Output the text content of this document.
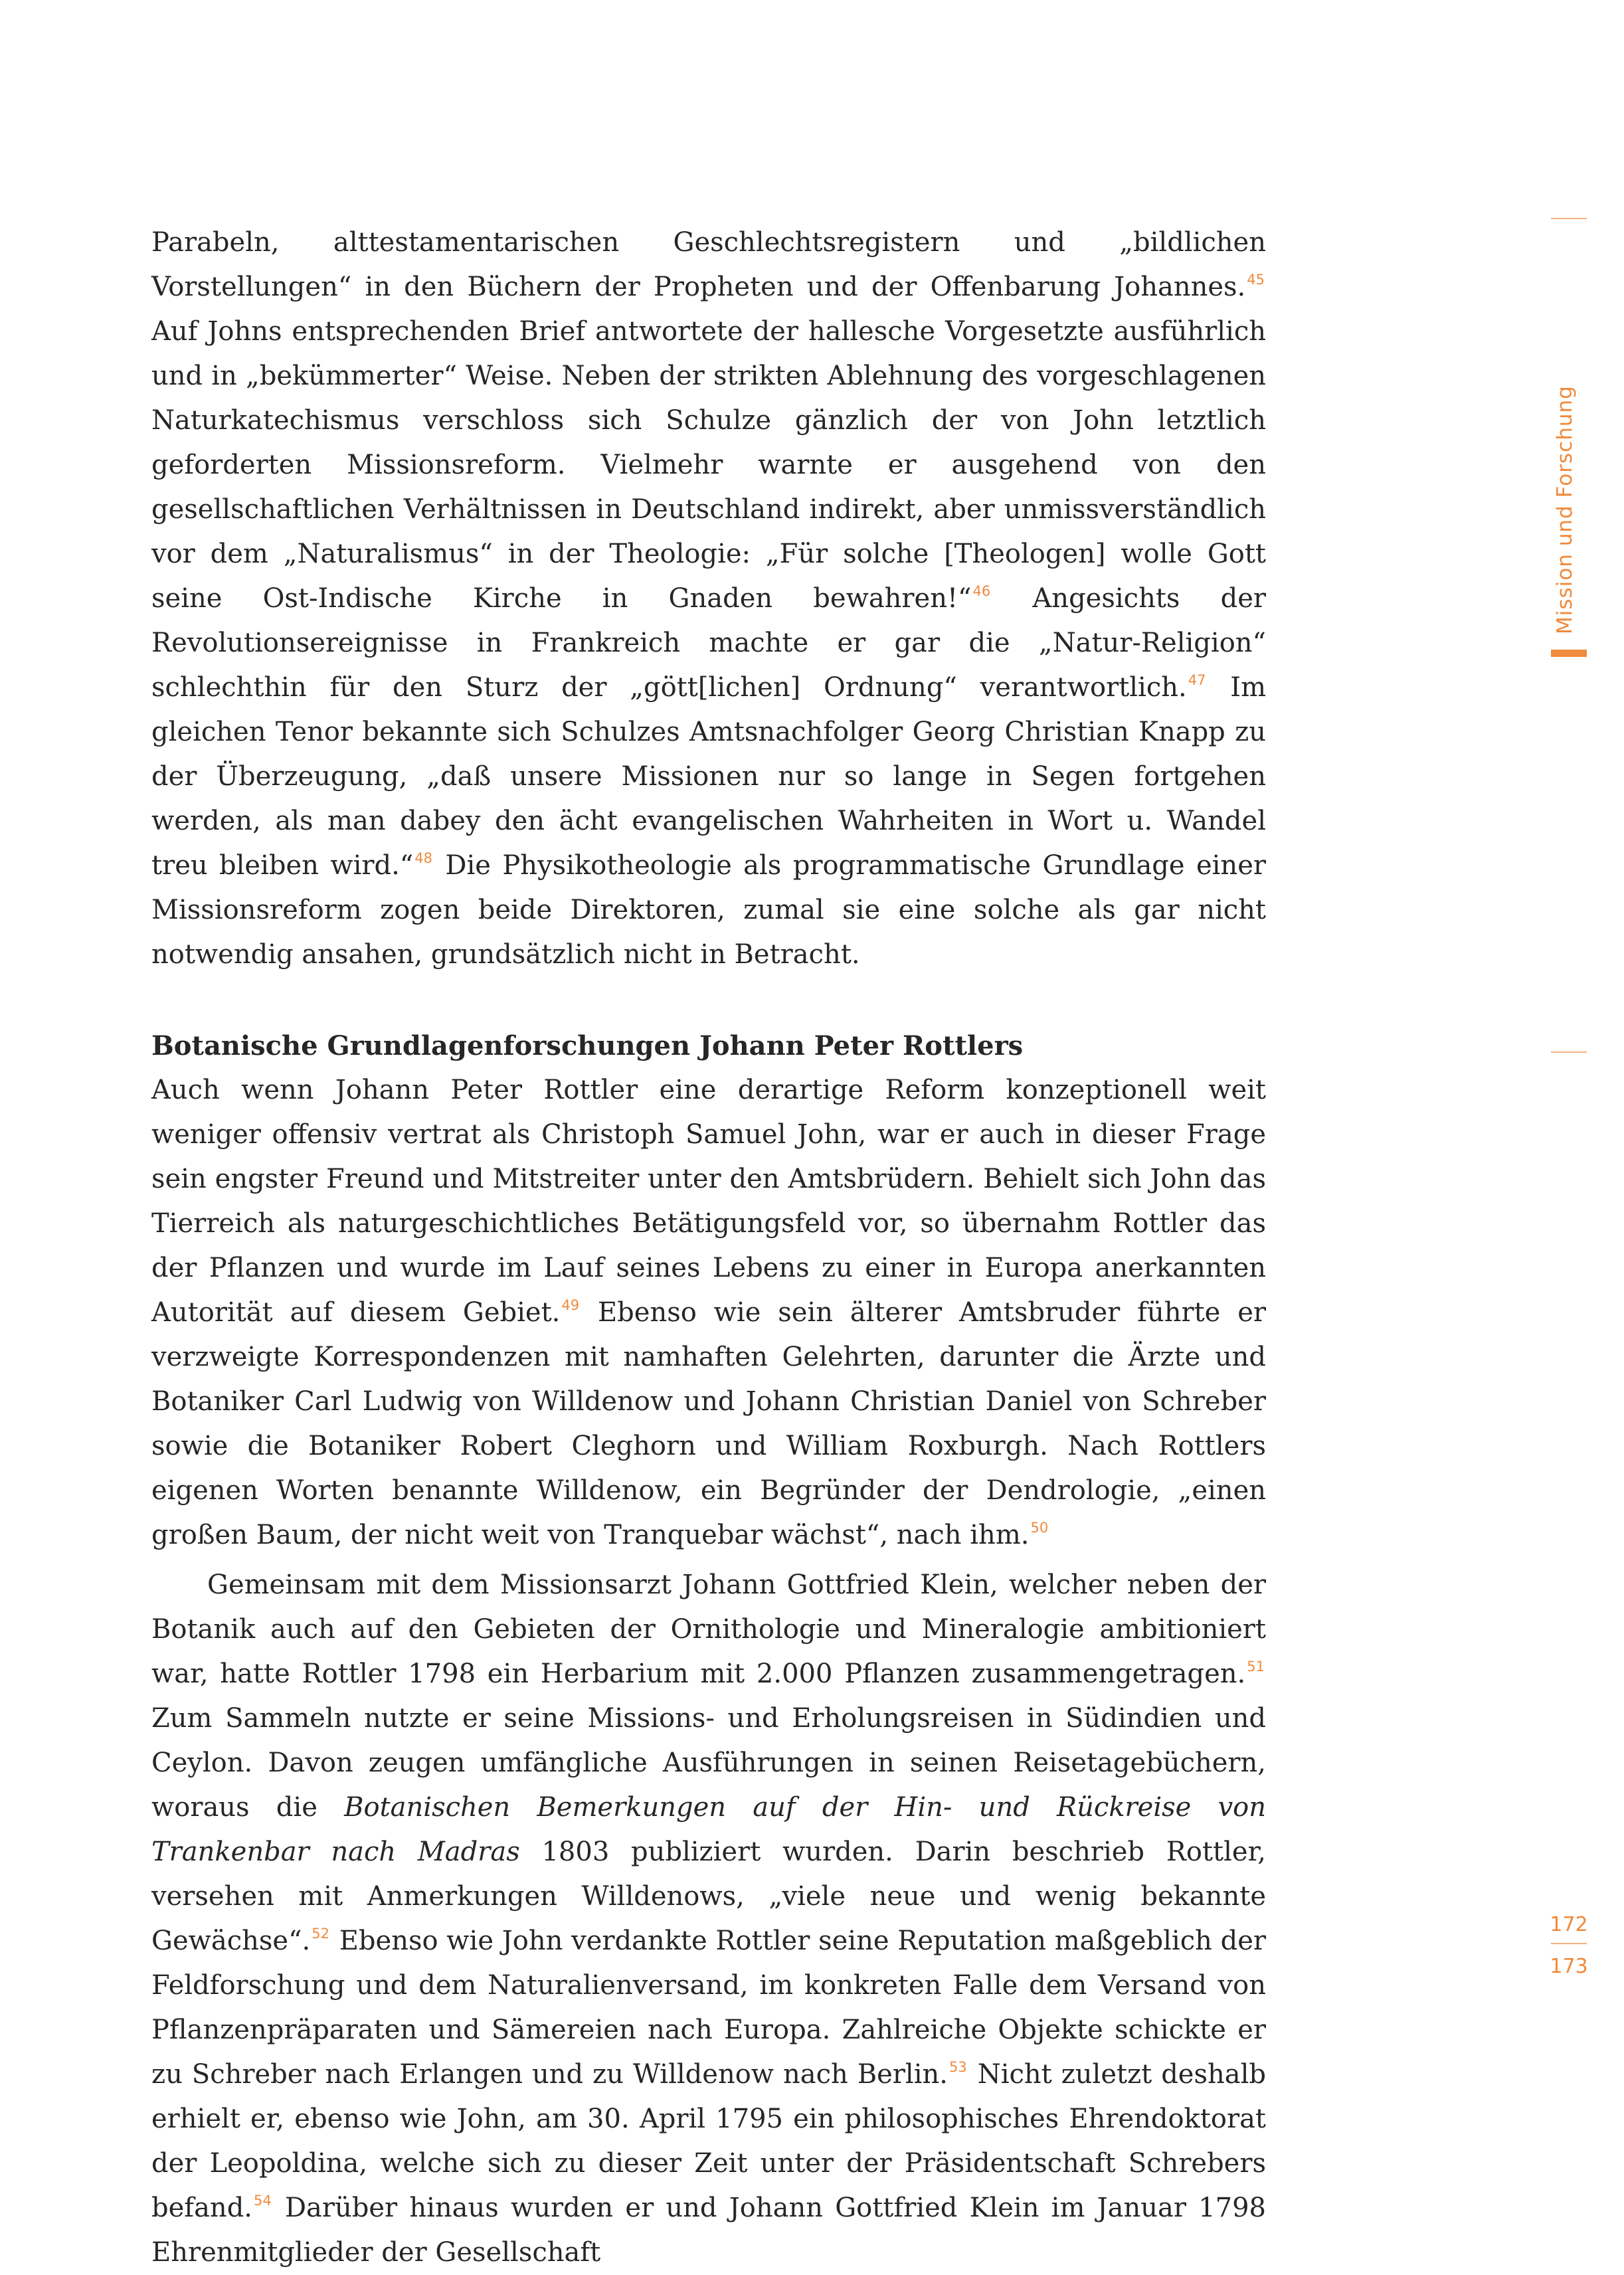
Parabeln, alttestamentarischen Geschlechtsregistern und „bildlichen Vorstellungen“ in den Büchern der Propheten und der Offenbarung Johannes.$^{45}$ Auf Johns entsprechenden Brief antwortete der hallesche Vorgesetzte ausführlich und in „bekümmerter“ Weise. Neben der strikten Ablehnung des vorgeschlagenen Naturkatechismus verschloss sich Schulze gänzlich der von John letztlich geforderten Missionsreform. Vielmehr warnte er ausgehend von den gesellschaftlichen Verhältnissen in Deutschland indirekt, aber unmissverständlich vor dem „Naturalismus“ in der Theologie: „Für solche [Theologen] wolle Gott seine Ost-Indische Kirche in Gnaden bewahren!“$^{46}$ Angesichts der Revolutionsereignisse in Frankreich machte er gar die „Natur-Religion“ schlechthin für den Sturz der „gött[lichen] Ordnung“ verantwortlich.$^{47}$ Im gleichen Tenor bekannte sich Schulzes Amtsnachfolger Georg Christian Knapp zu der Überzeugung, „daß unsere Missionen nur so lange in Segen fortgehen werden, als man dabey den ächt evangelischen Wahrheiten in Wort u. Wandel treu bleiben wird.“$^{48}$ Die Physikotheologie als programmatische Grundlage einer Missionsreform zogen beide Direktoren, zumal sie eine solche als gar nicht notwendig ansahen, grundsätzlich nicht in Betracht.

Botanische Grundlagenforschungen Johann Peter Rottlers

Auch wenn Johann Peter Rottler eine derartige Reform konzeptionell weit weniger offensiv vertrat als Christoph Samuel John, war er auch in dieser Frage sein engster Freund und Mitstreiter unter den Amtsbrüdern. Behielt sich John das Tierreich als naturgeschichtliches Betätigungsfeld vor, so übernahm Rottler das der Pflanzen und wurde im Lauf seines Lebens zu einer in Europa anerkannten Autorität auf diesem Gebiet.$^{49}$ Ebenso wie sein älterer Amtsbruder führte er verzweigte Korrespondenzen mit namhaften Gelehrten, darunter die Ärzte und Botaniker Carl Ludwig von Willdenow und Johann Christian Daniel von Schreber sowie die Botaniker Robert Cleghorn und William Roxburgh. Nach Rottlers eigenen Worten benannte Willdenow, ein Begründer der Dendrologie, „einen großen Baum, der nicht weit von Tranquebar wächst“, nach ihm.$^{50}$

Gemeinsam mit dem Missionsarzt Johann Gottfried Klein, welcher neben der Botanik auch auf den Gebieten der Ornithologie und Mineralogie ambitioniert war, hatte Rottler 1798 ein Herbarium mit 2.000 Pflanzen zusammengetragen.$^{51}$ Zum Sammeln nutzte er seine Missions- und Erholungsreisen in Südindien und Ceylon. Davon zeugen umfängliche Ausführungen in seinen Reisetagebüchern, woraus die Botanischen Bemerkungen auf der Hin- und Rückreise von Trankenbar nach Madras 1803 publiziert wurden. Darin beschrieb Rottler, versehen mit Anmerkungen Willdenows, „viele neue und wenig bekannte Gewächse“.$^{52}$ Ebenso wie John verdankte Rottler seine Reputation maßgeblich der Feldforschung und dem Naturalienversand, im konkreten Falle dem Versand von Pflanzenpräparaten und Sämereien nach Europa. Zahlreiche Objekte schickte er zu Schreber nach Erlangen und zu Willdenow nach Berlin.$^{53}$ Nicht zuletzt deshalb erhielt er, ebenso wie John, am 30. April 1795 ein philosophisches Ehrendoktorat der Leopoldina, welche sich zu dieser Zeit unter der Präsidentschaft Schrebers befand.$^{54}$ Darüber hinaus wurden er und Johann Gottfried Klein im Januar 1798 Ehrenmitglieder der Gesellschaft

Mission und Forschung
172
173
